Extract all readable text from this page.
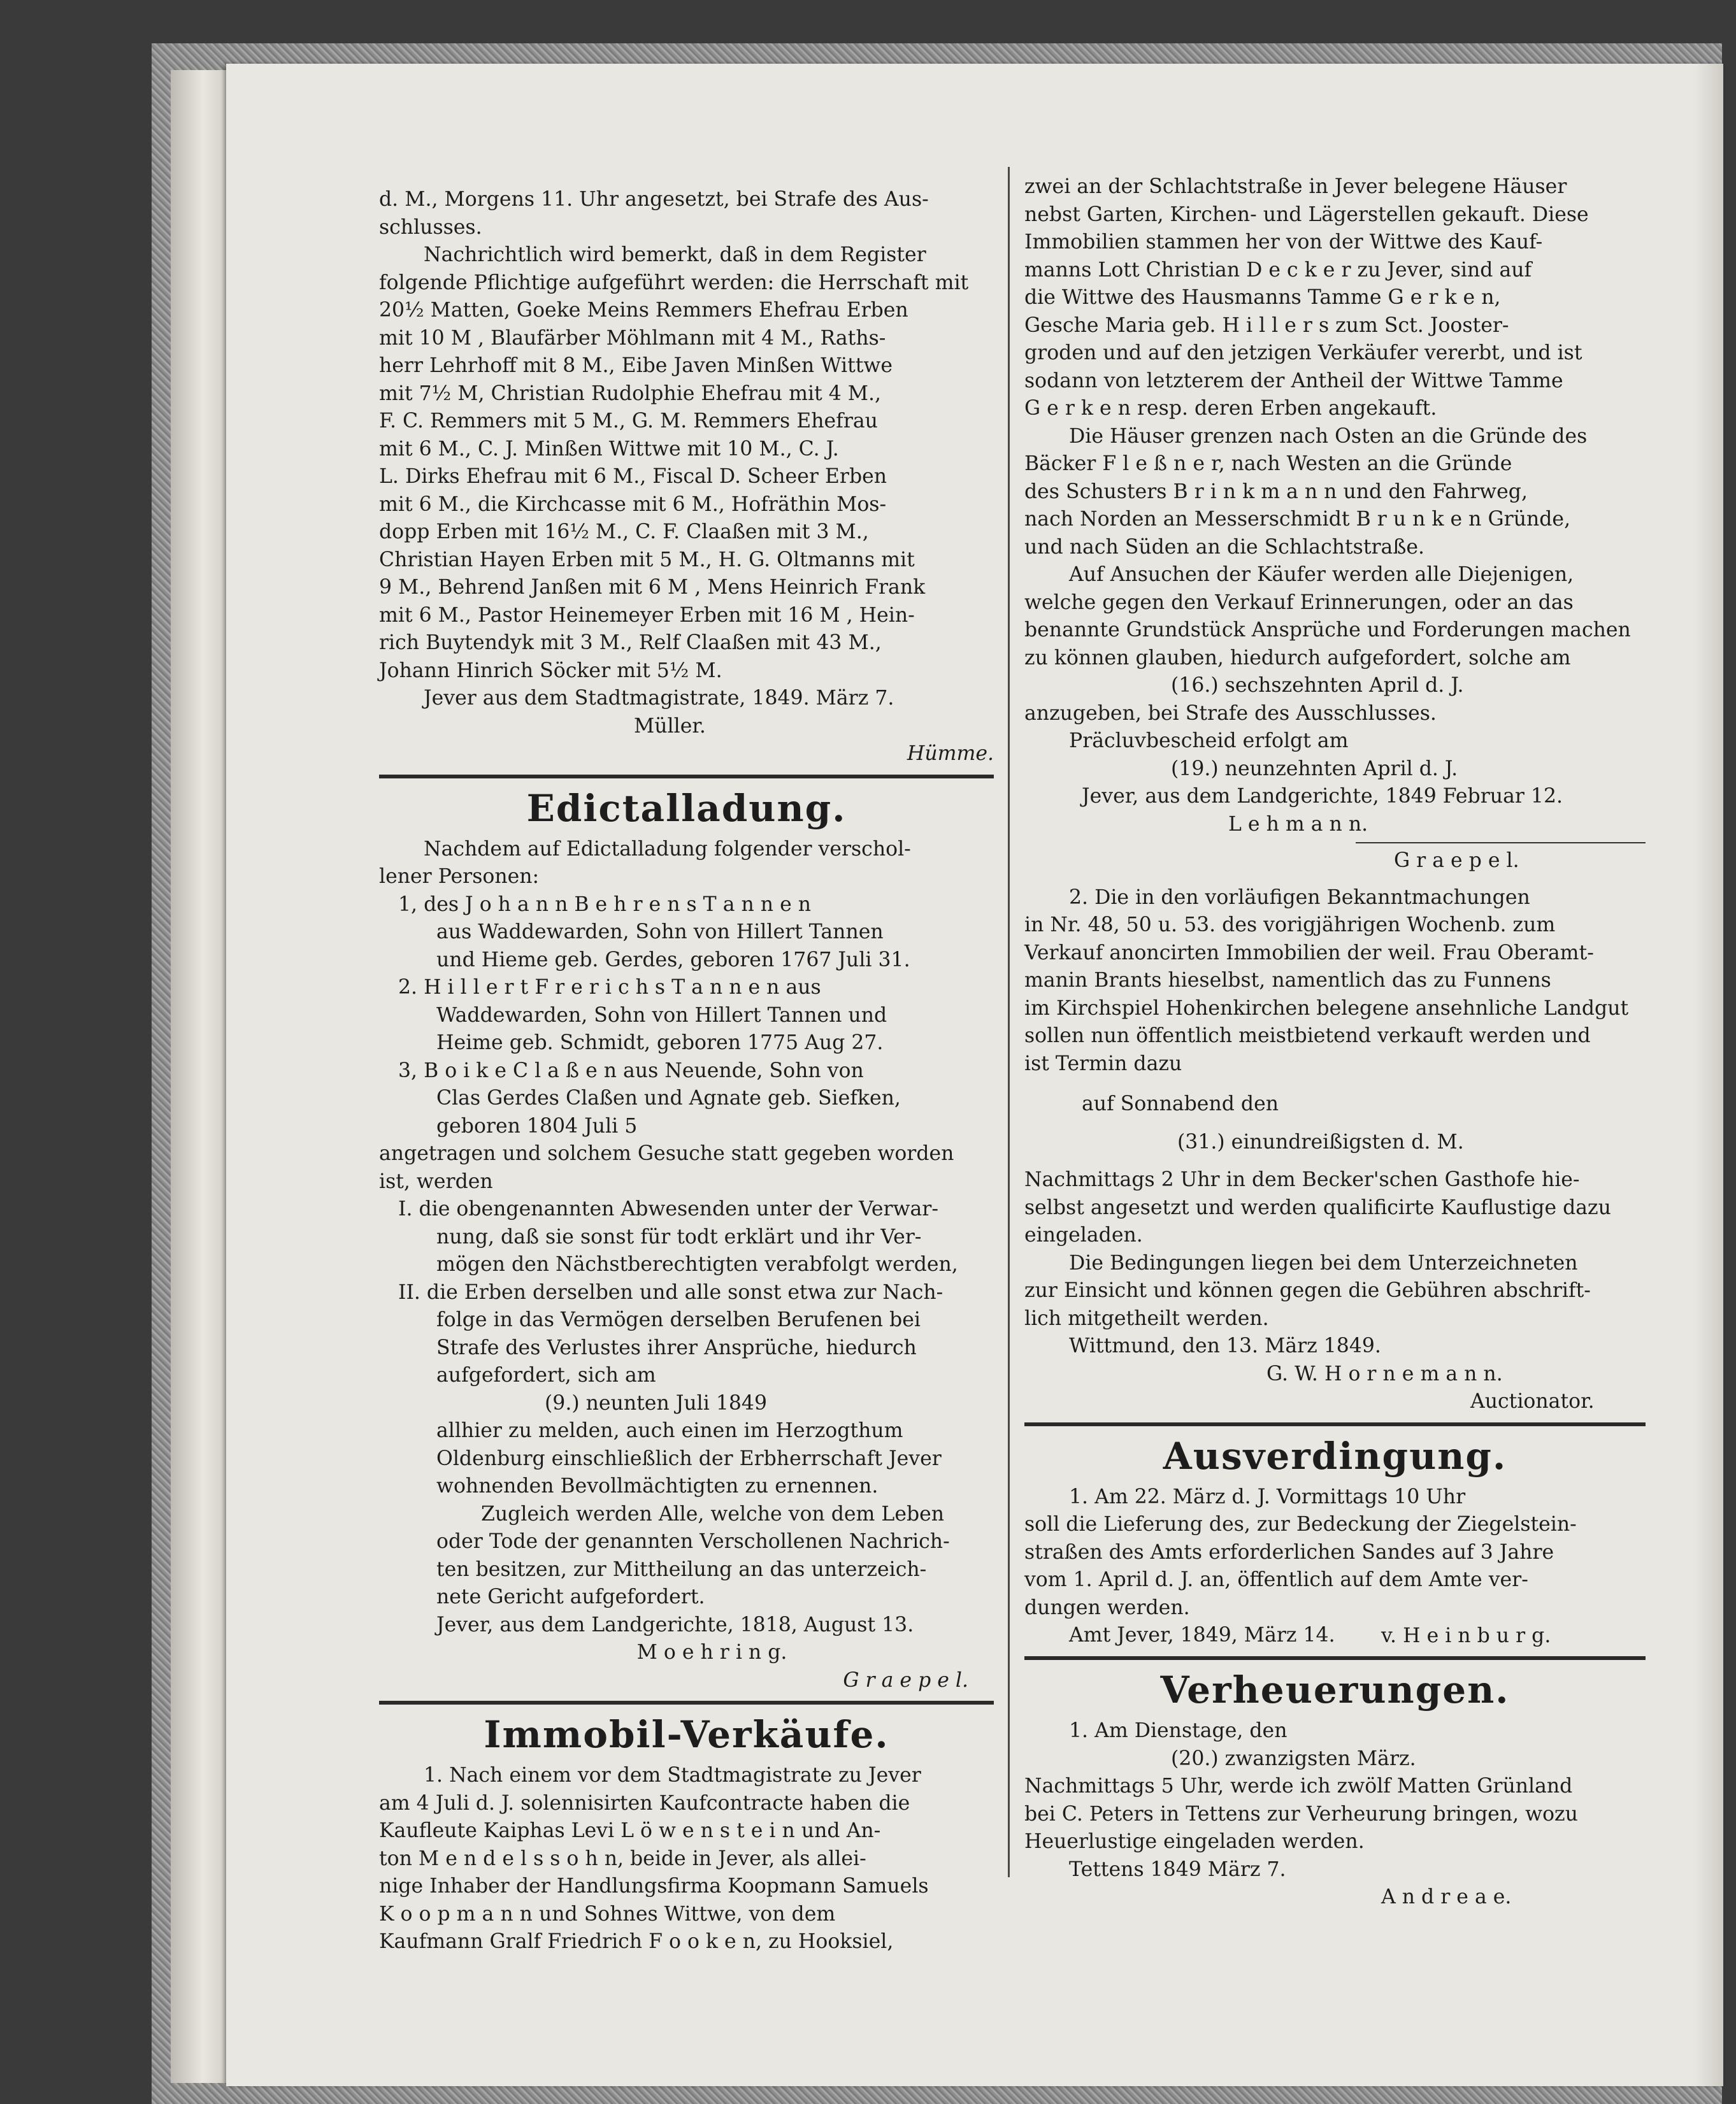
d. M., Morgens 11. Uhr angesetzt, bei Strafe des Aus-

schlusses.

Nachrichtlich wird bemerkt, daß in dem Register

folgende Pflichtige aufgeführt werden: die Herrschaft mit

20½ Matten, Goeke Meins Remmers Ehefrau Erben

mit 10 M , Blaufärber Möhlmann mit 4 M., Raths-

herr Lehrhoff mit 8 M., Eibe Javen Minßen Wittwe

mit 7½ M, Christian Rudolphie Ehefrau mit 4 M.,

F. C. Remmers mit 5 M., G. M. Remmers Ehefrau

mit 6 M., C. J. Minßen Wittwe mit 10 M., C. J.

L. Dirks Ehefrau mit 6 M., Fiscal D. Scheer Erben

mit 6 M., die Kirchcasse mit 6 M., Hofräthin Mos-

dopp Erben mit 16½ M., C. F. Claaßen mit 3 M.,

Christian Hayen Erben mit 5 M., H. G. Oltmanns mit

9 M., Behrend Janßen mit 6 M , Mens Heinrich Frank

mit 6 M., Pastor Heinemeyer Erben mit 16 M , Hein-

rich Buytendyk mit 3 M., Relf Claaßen mit 43 M.,

Johann Hinrich Söcker mit 5½ M.

Jever aus dem Stadtmagistrate, 1849. März 7.

Müller.

Hümme.

Edictalladung.

Nachdem auf Edictalladung folgender verschol-

lener Personen:

1, des J o h a n n B e h r e n s T a n n e n

aus Waddewarden, Sohn von Hillert Tannen

und Hieme geb. Gerdes, geboren 1767 Juli 31.

2. H i l l e r t F r e r i c h s T a n n e n aus

Waddewarden, Sohn von Hillert Tannen und

Heime geb. Schmidt, geboren 1775 Aug 27.

3, B o i k e C l a ß e n aus Neuende, Sohn von

Clas Gerdes Claßen und Agnate geb. Siefken,

geboren 1804 Juli 5

angetragen und solchem Gesuche statt gegeben worden

ist, werden

I. die obengenannten Abwesenden unter der Verwar-

nung, daß sie sonst für todt erklärt und ihr Ver-

mögen den Nächstberechtigten verabfolgt werden,

II. die Erben derselben und alle sonst etwa zur Nach-

folge in das Vermögen derselben Berufenen bei

Strafe des Verlustes ihrer Ansprüche, hiedurch

aufgefordert, sich am

(9.) neunten Juli 1849

allhier zu melden, auch einen im Herzogthum

Oldenburg einschließlich der Erbherrschaft Jever

wohnenden Bevollmächtigten zu ernennen.

Zugleich werden Alle, welche von dem Leben

oder Tode der genannten Verschollenen Nachrich-

ten besitzen, zur Mittheilung an das unterzeich-

nete Gericht aufgefordert.

Jever, aus dem Landgerichte, 1818, August 13.

M o e h r i n g.

G r a e p e l.

Immobil-Verkäufe.

1. Nach einem vor dem Stadtmagistrate zu Jever

am 4 Juli d. J. solennisirten Kaufcontracte haben die

Kaufleute Kaiphas Levi L ö w e n s t e i n und An-

ton M e n d e l s s o h n, beide in Jever, als allei-

nige Inhaber der Handlungsfirma Koopmann Samuels

K o o p m a n n und Sohnes Wittwe, von dem

Kaufmann Gralf Friedrich F o o k e n, zu Hooksiel,

zwei an der Schlachtstraße in Jever belegene Häuser

nebst Garten, Kirchen- und Lägerstellen gekauft. Diese

Immobilien stammen her von der Wittwe des Kauf-

manns Lott Christian D e c k e r zu Jever, sind auf

die Wittwe des Hausmanns Tamme G e r k e n,

Gesche Maria geb. H i l l e r s zum Sct. Jooster-

groden und auf den jetzigen Verkäufer vererbt, und ist

sodann von letzterem der Antheil der Wittwe Tamme

G e r k e n resp. deren Erben angekauft.

Die Häuser grenzen nach Osten an die Gründe des

Bäcker F l e ß n e r, nach Westen an die Gründe

des Schusters B r i n k m a n n und den Fahrweg,

nach Norden an Messerschmidt B r u n k e n Gründe,

und nach Süden an die Schlachtstraße.

Auf Ansuchen der Käufer werden alle Diejenigen,

welche gegen den Verkauf Erinnerungen, oder an das

benannte Grundstück Ansprüche und Forderungen machen

zu können glauben, hiedurch aufgefordert, solche am

(16.) sechszehnten April d. J.

anzugeben, bei Strafe des Ausschlusses.

Präcluvbescheid erfolgt am

(19.) neunzehnten April d. J.

Jever, aus dem Landgerichte, 1849 Februar 12.

L e h m a n n.

G r a e p e l.

2. Die in den vorläufigen Bekanntmachungen

in Nr. 48, 50 u. 53. des vorigjährigen Wochenb. zum

Verkauf anoncirten Immobilien der weil. Frau Oberamt-

manin Brants hieselbst, namentlich das zu Funnens

im Kirchspiel Hohenkirchen belegene ansehnliche Landgut

sollen nun öffentlich meistbietend verkauft werden und

ist Termin dazu

auf Sonnabend den

(31.) einundreißigsten d. M.

Nachmittags 2 Uhr in dem Becker'schen Gasthofe hie-

selbst angesetzt und werden qualificirte Kauflustige dazu

eingeladen.

Die Bedingungen liegen bei dem Unterzeichneten

zur Einsicht und können gegen die Gebühren abschrift-

lich mitgetheilt werden.

Wittmund, den 13. März 1849.

G. W. H o r n e m a n n.

Auctionator.

Ausverdingung.

1. Am 22. März d. J. Vormittags 10 Uhr

soll die Lieferung des, zur Bedeckung der Ziegelstein-

straßen des Amts erforderlichen Sandes auf 3 Jahre

vom 1. April d. J. an, öffentlich auf dem Amte ver-

dungen werden.

Amt Jever, 1849, März 14.	v. H e i n b u r g.

Verheuerungen.

1. Am Dienstage, den

(20.) zwanzigsten März.

Nachmittags 5 Uhr, werde ich zwölf Matten Grünland

bei C. Peters in Tettens zur Verheurung bringen, wozu

Heuerlustige eingeladen werden.

Tettens 1849 März 7.

A n d r e a e.
